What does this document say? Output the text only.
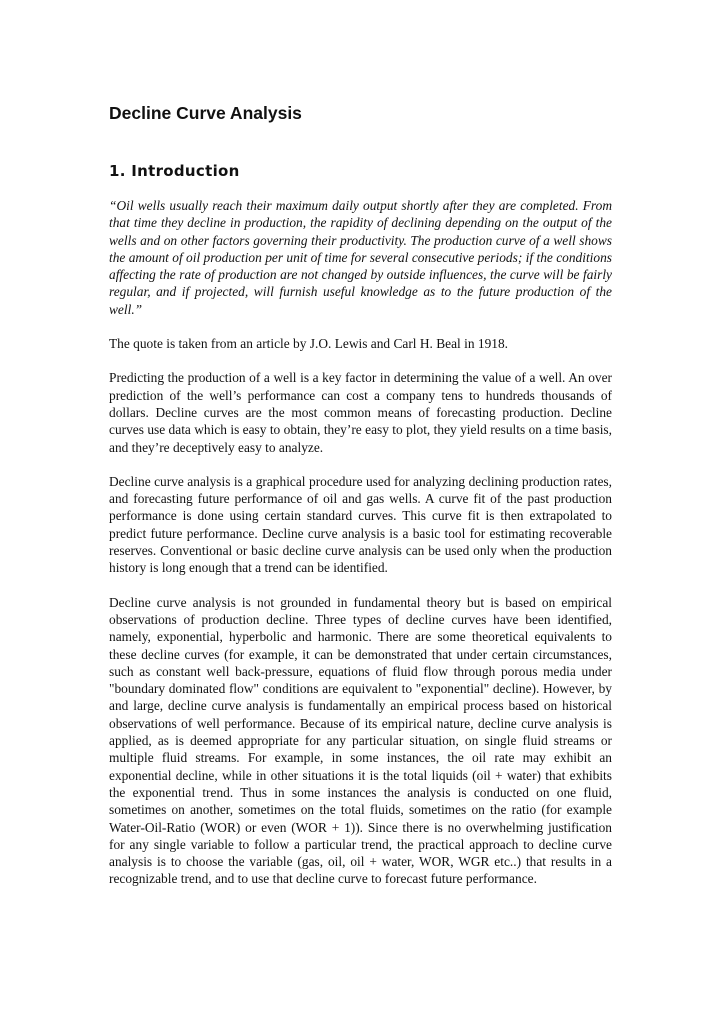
Decline Curve Analysis
1. Introduction

“Oil wells usually reach their maximum daily output shortly after they are completed. From that time they decline in production, the rapidity of declining depending on the output of the wells and on other factors governing their productivity. The production curve of a well shows the amount of oil production per unit of time for several consecutive periods; if the conditions affecting the rate of production are not changed by outside influences, the curve will be fairly regular, and if projected, will furnish useful knowledge as to the future production of the well.”

The quote is taken from an article by J.O. Lewis and Carl H. Beal in 1918.

Predicting the production of a well is a key factor in determining the value of a well. An over prediction of the well’s performance can cost a company tens to hundreds thousands of dollars. Decline curves are the most common means of forecasting production. Decline curves use data which is easy to obtain, they’re easy to plot, they yield results on a time basis, and they’re deceptively easy to analyze.

Decline curve analysis is a graphical procedure used for analyzing declining production rates, and forecasting future performance of oil and gas wells. A curve fit of the past production performance is done using certain standard curves. This curve fit is then extrapolated to predict future performance. Decline curve analysis is a basic tool for estimating recoverable reserves. Conventional or basic decline curve analysis can be used only when the production history is long enough that a trend can be identified.

Decline curve analysis is not grounded in fundamental theory but is based on empirical observations of production decline. Three types of decline curves have been identified, namely, exponential, hyperbolic and harmonic. There are some theoretical equivalents to these decline curves (for example, it can be demonstrated that under certain circumstances, such as constant well back-pressure, equations of fluid flow through porous media under "boundary dominated flow" conditions are equivalent to "exponential" decline). However, by and large, decline curve analysis is fundamentally an empirical process based on historical observations of well performance. Because of its empirical nature, decline curve analysis is applied, as is deemed appropriate for any particular situation, on single fluid streams or multiple fluid streams. For example, in some instances, the oil rate may exhibit an exponential decline, while in other situations it is the total liquids (oil + water) that exhibits the exponential trend. Thus in some instances the analysis is conducted on one fluid, sometimes on another, sometimes on the total fluids, sometimes on the ratio (for example Water-Oil-Ratio (WOR) or even (WOR + 1)). Since there is no overwhelming justification for any single variable to follow a particular trend, the practical approach to decline curve analysis is to choose the variable (gas, oil, oil + water, WOR, WGR etc..) that results in a recognizable trend, and to use that decline curve to forecast future performance.
